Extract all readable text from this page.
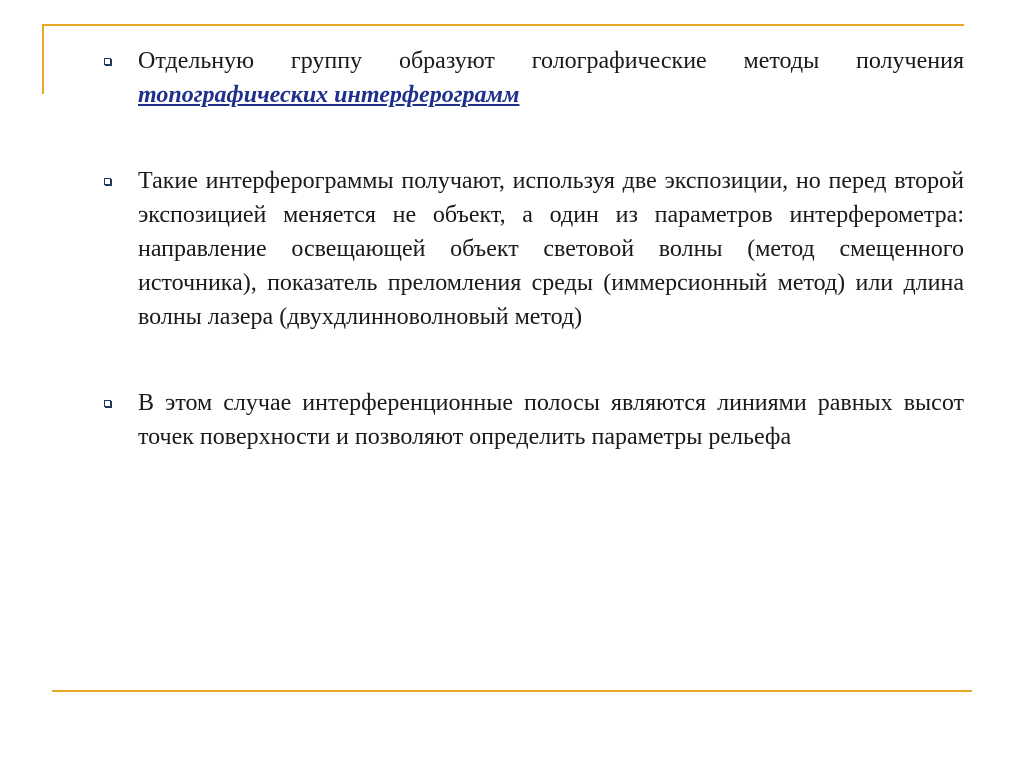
Отдельную группу образуют голографические методы получения топографических интерферограмм
Такие интерферограммы получают, используя две экспозиции, но перед второй экспозицией меняется не объект, а один из параметров интерферометра: направление освещающей объект световой волны (метод смещенного источника), показатель преломления среды (иммерсионный метод) или длина волны лазера (двухдлинноволновый метод)
В этом случае интерференционные полосы являются линиями равных высот точек поверхности и позволяют определить параметры рельефа
